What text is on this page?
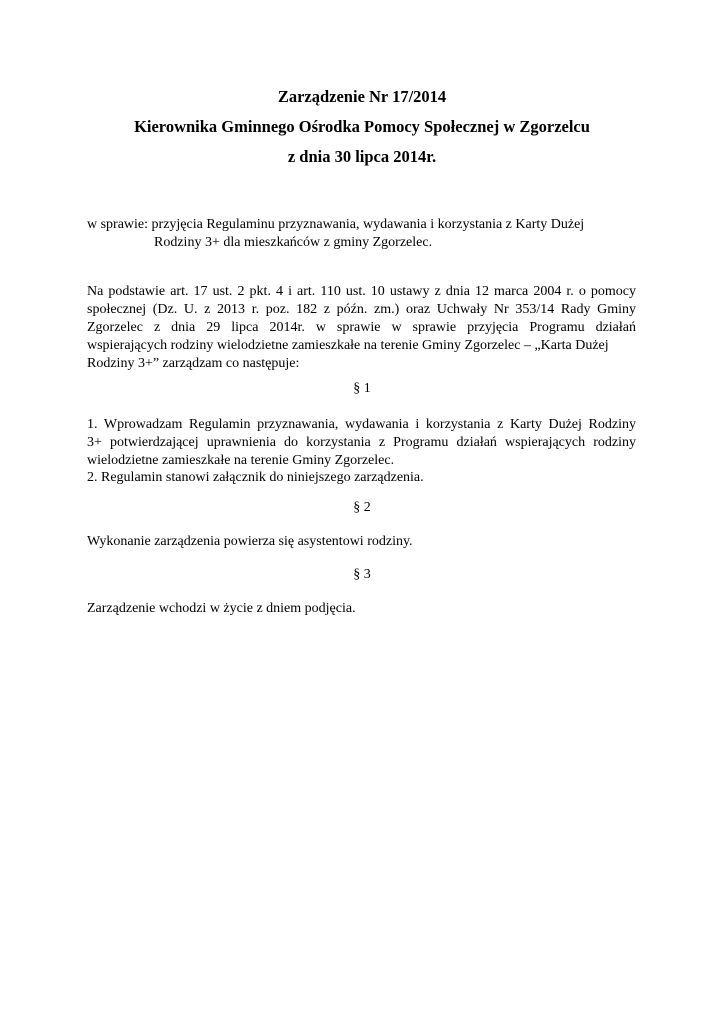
Zarządzenie Nr 17/2014
Kierownika Gminnego Ośrodka Pomocy Społecznej w Zgorzelcu
z dnia 30 lipca 2014r.
w sprawie: przyjęcia Regulaminu przyznawania, wydawania i korzystania z Karty Dużej
Rodziny 3+ dla mieszkańców z gminy Zgorzelec.
Na podstawie art. 17 ust. 2 pkt. 4 i art. 110 ust. 10 ustawy z dnia 12 marca 2004 r. o pomocy
społecznej (Dz. U. z 2013 r. poz. 182 z późn. zm.) oraz Uchwały Nr 353/14 Rady Gminy
Zgorzelec z dnia 29 lipca 2014r. w sprawie w sprawie przyjęcia Programu działań
wspierających rodziny wielodzietne zamieszkałe na terenie Gminy Zgorzelec – „Karta Dużej
Rodziny 3+” zarządzam co następuje:
§ 1
1. Wprowadzam Regulamin przyznawania, wydawania i korzystania z Karty Dużej Rodziny
3+ potwierdzającej uprawnienia do korzystania z Programu działań wspierających rodziny
wielodzietne zamieszkałe na terenie Gminy Zgorzelec.
2. Regulamin stanowi załącznik do niniejszego zarządzenia.
§ 2
Wykonanie zarządzenia powierza się asystentowi rodziny.
§ 3
Zarządzenie wchodzi w życie z dniem podjęcia.
